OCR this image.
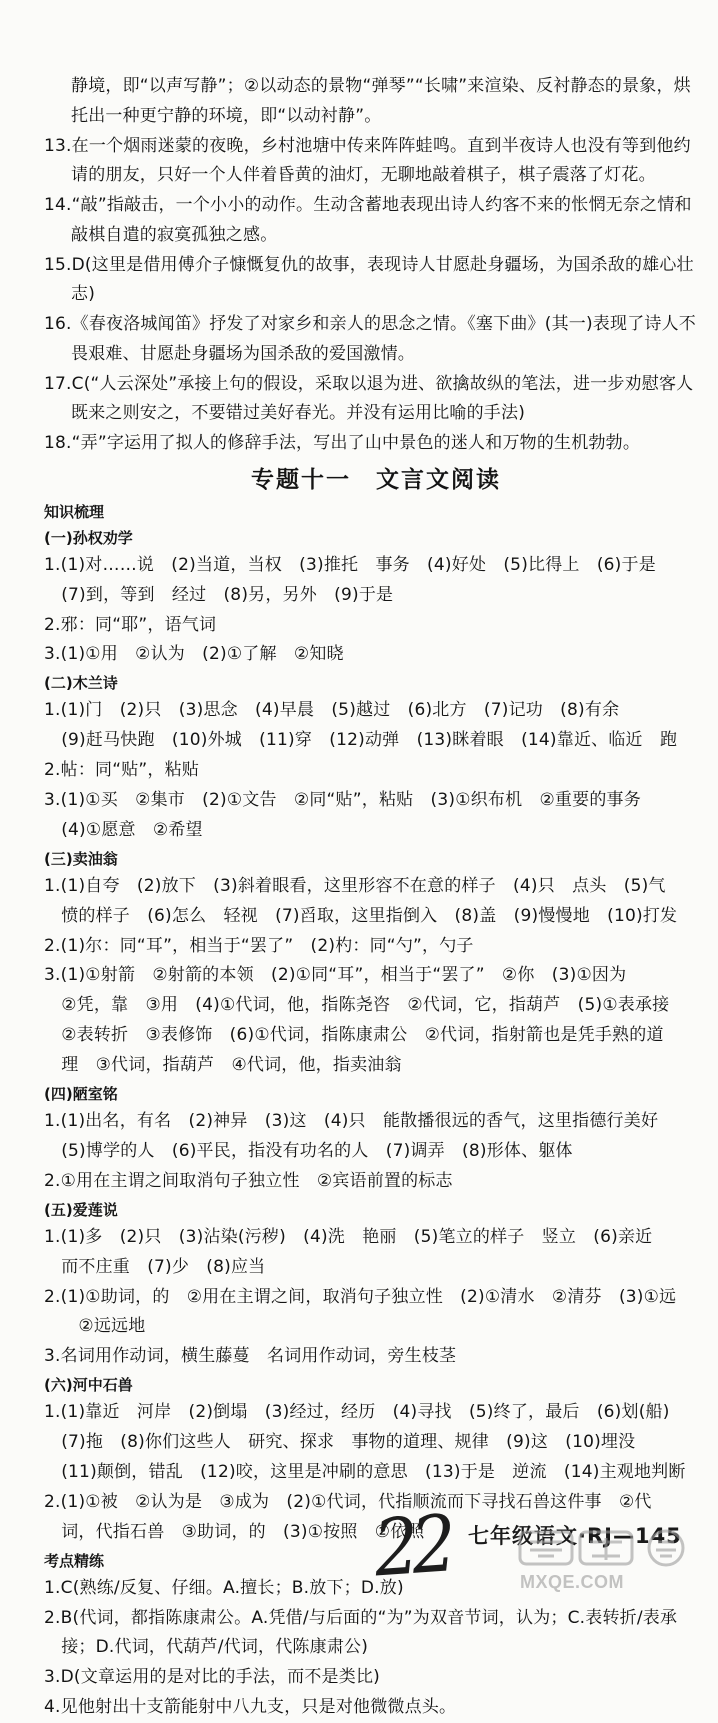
静境，即“以声写静”；②以动态的景物“弹琴”“长啸”来渲染、反衬静态的景象，烘
托出一种更宁静的环境，即“以动衬静”。
13.在一个烟雨迷蒙的夜晚，乡村池塘中传来阵阵蛙鸣。直到半夜诗人也没有等到他约请的朋友，只好一个人伴着昏黄的油灯，无聊地敲着棋子，棋子震落了灯花。
14.“敲”指敲击，一个小小的动作。生动含蓄地表现出诗人约客不来的怅惘无奈之情和敲棋自遣的寂寞孤独之感。
15.D(这里是借用傅介子慷慨复仇的故事，表现诗人甘愿赴身疆场，为国杀敌的雄心壮志)
16.《春夜洛城闻笛》抒发了对家乡和亲人的思念之情。《塞下曲》(其一)表现了诗人不畏艰难、甘愿赴身疆场为国杀敌的爱国激情。
17.C(“人云深处”承接上句的假设，采取以退为进、欲擒故纵的笔法，进一步劝慰客人既来之则安之，不要错过美好春光。并没有运用比喻的手法)
18.“弄”字运用了拟人的修辞手法，写出了山中景色的迷人和万物的生机勃勃。
专题十一　文言文阅读
知识梳理
(一)孙权劝学
1.(1)对……说　(2)当道，当权　(3)推托　事务　(4)好处　(5)比得上　(6)于是
　(7)到，等到　经过　(8)另，另外　(9)于是
2.邪：同“耶”，语气词
3.(1)①用　②认为　(2)①了解　②知晓
(二)木兰诗
1.(1)门　(2)只　(3)思念　(4)早晨　(5)越过　(6)北方　(7)记功　(8)有余
　(9)赶马快跑　(10)外城　(11)穿　(12)动弹　(13)眯着眼　(14)靠近、临近　跑
2.帖：同“贴”，粘贴
3.(1)①买　②集市　(2)①文告　②同“贴”，粘贴　(3)①织布机　②重要的事务
　(4)①愿意　②希望
(三)卖油翁
1.(1)自夸　(2)放下　(3)斜着眼看，这里形容不在意的样子　(4)只　点头　(5)气
　愤的样子　(6)怎么　轻视　(7)舀取，这里指倒入　(8)盖　(9)慢慢地　(10)打发
2.(1)尔：同“耳”，相当于“罢了”　(2)杓：同“勺”，勺子
3.(1)①射箭　②射箭的本领　(2)①同“耳”，相当于“罢了”　②你　(3)①因为
　②凭，靠　③用　(4)①代词，他，指陈尧咨　②代词，它，指葫芦　(5)①表承接
　②表转折　③表修饰　(6)①代词，指陈康肃公　②代词，指射箭也是凭手熟的道
　理　③代词，指葫芦　④代词，他，指卖油翁
(四)陋室铭
1.(1)出名，有名　(2)神异　(3)这　(4)只　能散播很远的香气，这里指德行美好
　(5)博学的人　(6)平民，指没有功名的人　(7)调弄　(8)形体、躯体
2.①用在主谓之间取消句子独立性　②宾语前置的标志
(五)爱莲说
1.(1)多　(2)只　(3)沾染(污秽)　(4)洗　艳丽　(5)笔立的样子　竖立　(6)亲近
　而不庄重　(7)少　(8)应当
2.(1)①助词，的　②用在主谓之间，取消句子独立性　(2)①清水　②清芬　(3)①远
　　②远远地
3.名词用作动词，横生藤蔓　名词用作动词，旁生枝茎
(六)河中石兽
1.(1)靠近　河岸　(2)倒塌　(3)经过，经历　(4)寻找　(5)终了，最后　(6)划(船)
　(7)拖　(8)你们这些人　研究、探求　事物的道理、规律　(9)这　(10)埋没
　(11)颠倒，错乱　(12)咬，这里是冲刷的意思　(13)于是　逆流　(14)主观地判断
2.(1)①被　②认为是　③成为　(2)①代词，代指顺流而下寻找石兽这件事　②代
　词，代指石兽　③助词，的　(3)①按照　②依照
考点精练
1.C(熟练/反复、仔细。A.擅长；B.放下；D.放)
2.B(代词，都指陈康肃公。A.凭借/与后面的“为”为双音节词，认为；C.表转折/表承
　接；D.代词，代葫芦/代词，代陈康肃公)
3.D(文章运用的是对比的手法，而不是类比)
4.见他射出十支箭能射中八九支，只是对他微微点头。
22 七年级语文·RJ—145
MXQE.COM
